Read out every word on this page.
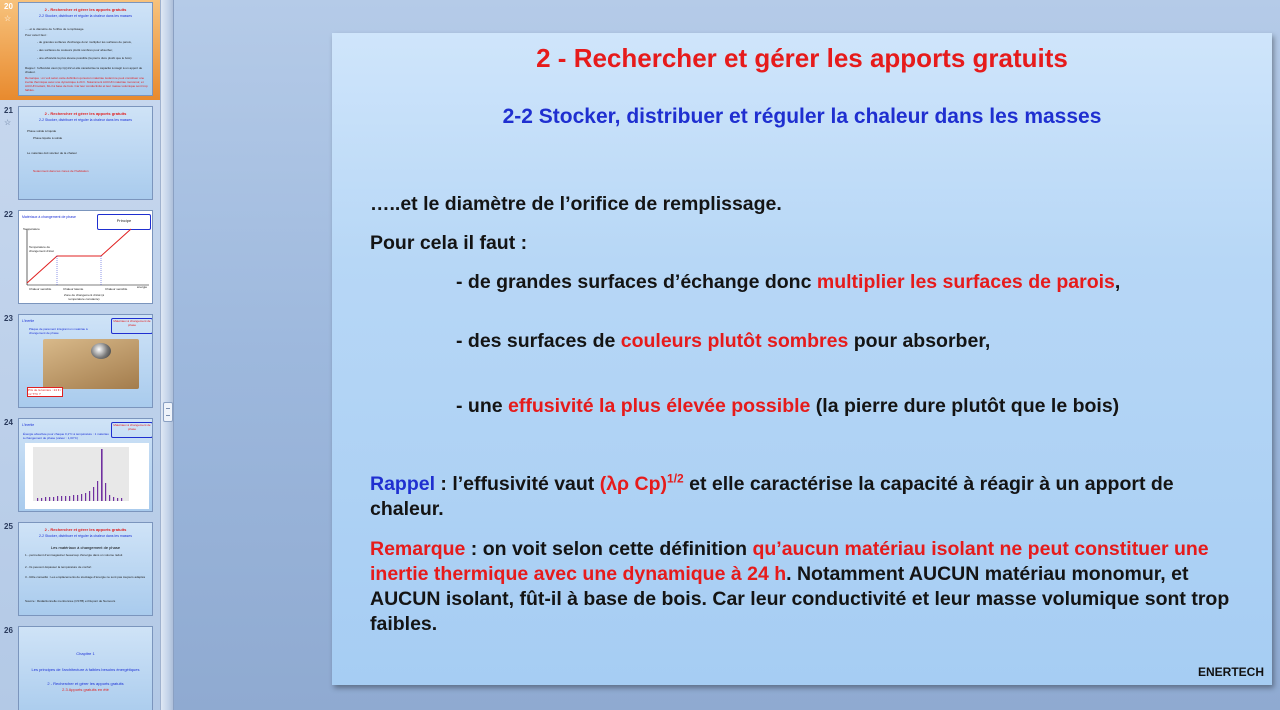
20
☆
2 - Rechercher et gérer les apports gratuits
2-2 Stocker, distribuer et réguler la chaleur dans les masses
…..et le diamètre de l’orifice de remplissage.
Pour cela il faut :
- de grandes surfaces d’échange donc multiplier les surfaces de parois,
- des surfaces de couleurs plutôt sombres pour absorber,
- une effusivité la plus élevée possible (la pierre dure plutôt que le bois)
Rappel : l’effusivité vaut (λρ Cp)1/2 et elle caractérise la capacité à réagir à un apport de chaleur.
Remarque : on voit selon cette définition qu’aucun matériau isolant ne peut constituer une inertie thermique avec une dynamique à 24 h. Notamment AUCUN matériau monomur, et AUCUN isolant, fût-il à base de bois. Car leur conductivité et leur masse volumique sont trop faibles.
21
☆
2 - Rechercher et gérer les apports gratuits
2-2 Stocker, distribuer et réguler la chaleur dans les masses
Phase solide à liquide
Phase liquide à solide
Le matériau doit stocker de la chaleur
Notamment dans les zones de l'habitation
22	Matériaux à changement de phase
Principe
Température
énergie
Température de changement d’état
Chaleur sensible	Chaleur latente	Chaleur sensible
Zone de changement d’état (à température constante)
23	L'inertie	Matériaux à changement de phase
Plaque de parement intégrant un matériau à changement de phase
Prix de la lumière : 24 € / m² TTC ?
24	L'inertie	Matériaux à changement de phase
Énergie absorbée pour chaque 0,1°C à température : 1 matériau à changement de phase (valeur : 1,04°C)
25	2 - Rechercher et gérer les apports gratuits
2-2 Stocker, distribuer et réguler la chaleur dans les masses
Les matériaux à changement de phase
1 - permettent d'emmagasiner beaucoup d'énergie dans un volume réduit
2 - Ils peuvent dépasser la température de confort
3 - Rôle conseillé : Les emplacements de stockage d'énergie ne sont pas toujours adaptés
Source : Rédactionnelle mentionnée (CSTB) et Dupont de Nemours
26
Chapitre 1
Les principes de l'architecture à faibles besoins énergétiques
2 - Rechercher et gérer les apports gratuits
2.3 Apports gratuits en été
2 - Rechercher et gérer les apports gratuits
2-2 Stocker, distribuer et réguler la chaleur dans les masses

…..et le diamètre de l’orifice de remplissage.

Pour cela il faut :

- de grandes surfaces d’échange donc multiplier les surfaces de parois,

- des surfaces de couleurs plutôt sombres pour absorber,

- une effusivité la plus élevée possible (la pierre dure plutôt que le bois)

Rappel : l’effusivité vaut (λρ Cp)$^{1/2}$ et elle caractérise la capacité à réagir à un apport de chaleur.

Remarque : on voit selon cette définition qu’aucun matériau isolant ne peut constituer une inertie thermique avec une dynamique à 24 h. Notamment AUCUN matériau monomur, et AUCUN isolant, fût-il à base de bois. Car leur conductivité et leur masse volumique sont trop faibles.

ENERTECH
